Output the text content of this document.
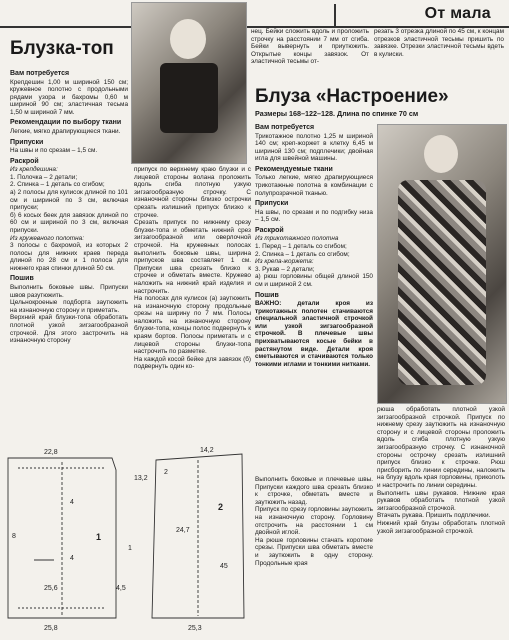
От мала
Блузка-топ
нец. Бейки сложить вдоль и проложить строчку на расстоянии 7 мм от сгиба. Бейки вывернуть и приутюжить. Открытые концы завязок. От эластичной тесьмы от-
резать 3 отрезка длиной по 45 см, к концам отрезков эластичной тесьмы пришить по завязке. Отрезки эластичной тесьмы вдеть в кулиски.
Вам потребуется
Крепдешин 1,00 м шириной 150 см; кружевное полотно с продольными рядами узора и бахромы 0,60 м шириной 90 см; эластичная тесьма 1,50 м шириной 7 мм.
Рекомендации по выбору ткани
Легкие, мягко драпирующиеся ткани.
Припуски
На швы и по срезам – 1,5 см.
Раскрой
Из крепдешина:
1. Полочка – 2 детали;
2. Спинка – 1 деталь со сгибом;
а) 2 полосы для кулисок длиной по 101 см и шириной по 3 см, включая припуски;
б) 6 косых беек для завязок длиной по 60 см и шириной по 3 см, включая припуски.
Из кружевного полотна:
3 полосы с бахромой, из которых 2 полосы для нижних краев переда длиной по 28 см и 1 полоса для нижнего края спинки длиной 50 см.
Пошив
Выполнить боковые швы. Припуски швов разутюжить.
Цельнокроеные подборта заутюжить на изнаночную сторону и приметать.
Верхний край блузки-топа обработать плотной узкой зигзагообразной строчкой. Для этого застрочить на изнаночную сторону
припуск по верхнему краю блузки и с лицевой стороны волана проложить вдоль сгиба плотную узкую зигзагообразную строчку. С изнаночной стороны близко острочки срезать излишний припуск близко к строчке.
Срезать припуск по нижнему срезу блузки-топа и обметать нижний срез зигзагообразной или оверлочной строчкой. На кружевных полосах выполнить боковые швы, ширина припусков шва составляет 1 см. Припуски шва срезать близко к строчке и обметать вместе. Кружево наложить на нижний край изделия и настрочить.
На полосах для кулисок (а) заутюжить на изнаночную сторону продольные срезы на ширину по 7 мм. Полосы наложить на изнаночную сторону блузки-топа, концы полос подвернуть к краям бортов. Полосы приметать и с лицевой стороны блузки-топа настрочить по разметке.
На каждой косой бейке для завязок (б) подвернуть один ко-
Блуза «Настроение»
Размеры 168–122–128. Длина по спинке 70 см
Вам потребуется
Трикотажное полотно 1,25 м шириной 140 см; креп-жоржет в клетку 6,45 м шириной 130 см; подплечики; двойная игла для швейной машины.
Рекомендуемые ткани
Только легкие, мягко драпирующиеся трикотажные полотна в комбинации с полупрозрачной тканью.
Припуски
На швы, по срезам и по подгибку низа – 1,5 см.
Раскрой
Из трикотажного полотна
1. Перед – 1 деталь со сгибом;
2. Спинка – 1 деталь со сгибом;
Из крепа-жоржета:
3. Рукав – 2 детали;
а) рюш горловины общей длиной 150 см и шириной 2 см.
Пошив
ВАЖНО: детали кроя из трикотажных полотен стачиваются специальной эластичной строчкой или узкой зигзагообразной строчкой. В плечевые швы прихватываются косые бейки в растянутом виде. Детали кроя сметываются и стачиваются только тонкими иглами и тонкими нитками.
Выполнить боковые и плечевые швы. Припуски каждого шва срезать близко к строчке, обметать вместе и заутюжить назад.
Припуск по срезу горловины заутюжить на изнаночную сторону. Горловину отстрочить на расстоянии 1 см двойной иглой.
На рюше горловины стачать короткие срезы. Припуски шва обметать вместе и заутюжить в одну сторону. Продольные края
рюша обработать плотной узкой зигзагообразной строчкой. Припуск по нижнему срезу заутюжить на изнаночную сторону и с лицевой стороны проложить вдоль сгиба плотную узкую зигзагообразную строчку. С изнаночной стороны острочку срезать излишний припуск близко к строчке. Рюш присборить по линии середины, наложить на блузу вдоль края горловины, приколоть и настрочить по линии середины.
Выполнить швы рукавов. Нижние края рукавов обработать плотной узкой зигзагообразной строчкой.
Втачать рукава. Пришить подплечики.
Нижний край блузы обработать плотной узкой зигзагообразной строчкой.
22,8	14,2
4
4
8
4,5
25,8	25,3
24,7
25,6
13,2
45
2
1
1
2
